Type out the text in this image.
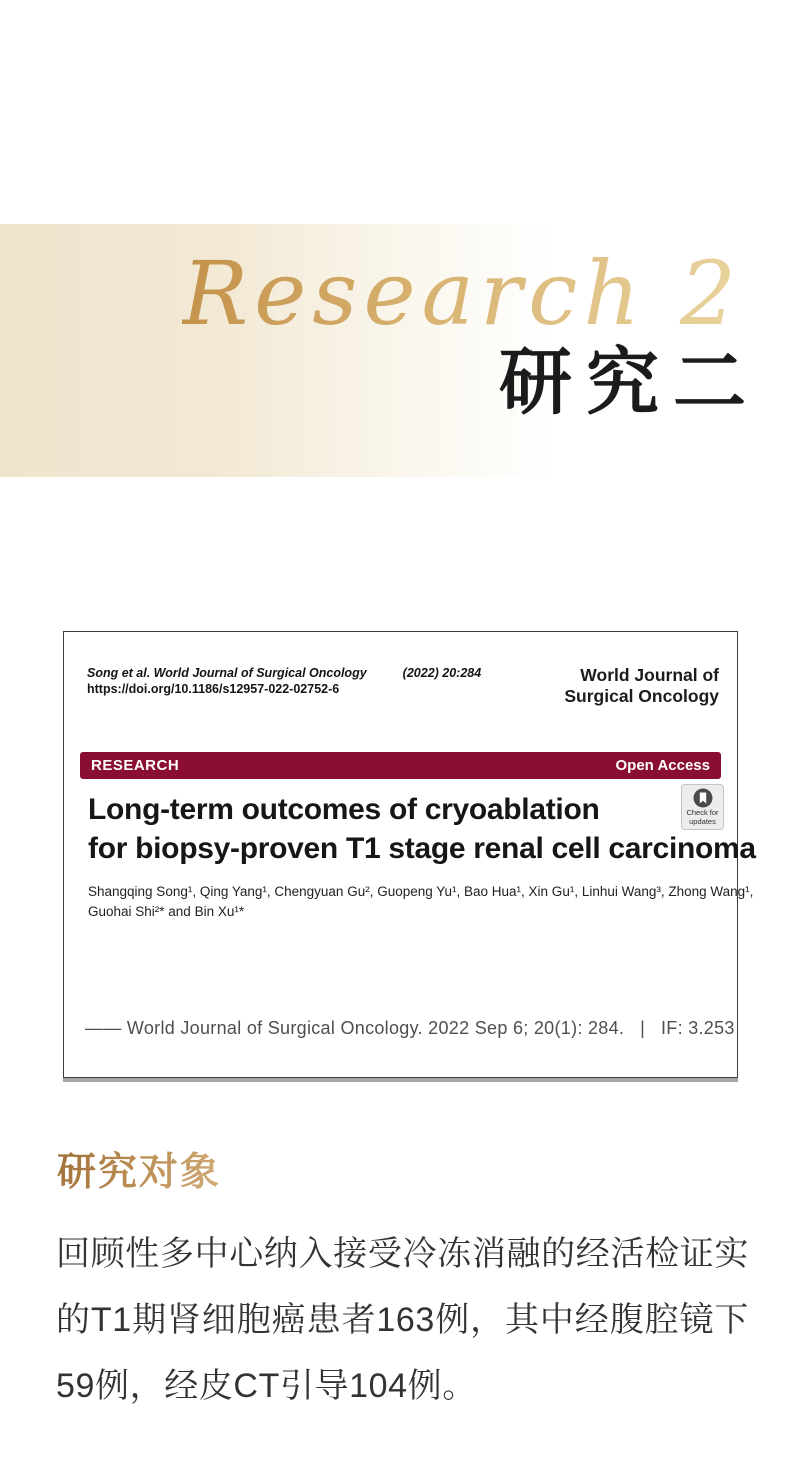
Research 2
研究二
Song et al. World Journal of Surgical Oncology	(2022) 20:284
https://doi.org/10.1186/s12957-022-02752-6
World Journal of
Surgical Oncology
RESEARCH	Open Access
Long-term outcomes of cryoablation
for biopsy-proven T1 stage renal cell carcinoma
Check for
updates
Shangqing Song¹, Qing Yang¹, Chengyuan Gu², Guopeng Yu¹, Bao Hua¹, Xin Gu¹, Linhui Wang³, Zhong Wang¹,
Guohai Shi²* and Bin Xu¹*
—— World Journal of Surgical Oncology. 2022 Sep 6; 20(1): 284.   |   IF: 3.253
研究对象
回顾性多中心纳入接受冷冻消融的经活检证实的T1期肾细胞癌患者163例，其中经腹腔镜下59例，经皮CT引导104例。
